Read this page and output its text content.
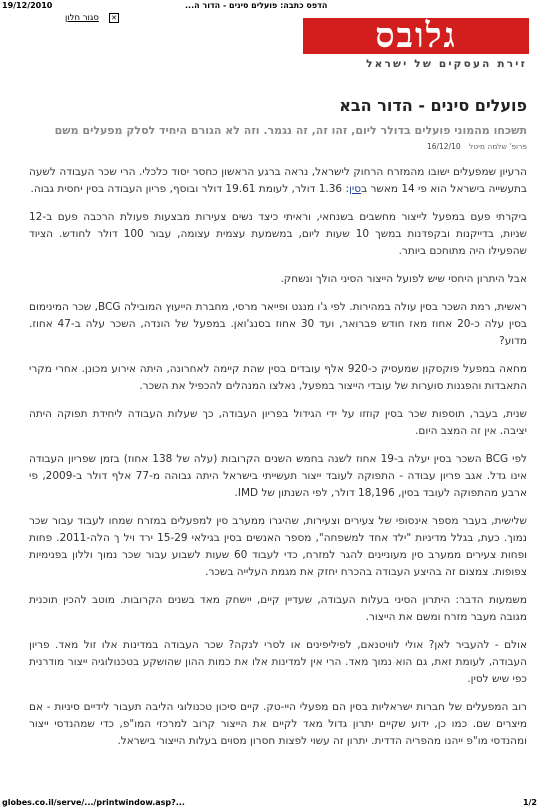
19/12/2010	הדפס כתבה: פועלים סינים - הדור ה...
✕
סגור חלון	גלובס
זירת העסקים של ישראל
פועלים סינים - הדור הבא
תשכחו מהמוני פועלים בדולר ליום, זהו זה, זה נגמר. וזה לא הגורם היחיד לסלק מפעלים משם
פרופ' שלמה מיטל 16/12/10

הרעיון שמפעלים ישובו מהמזרח הרחוק לישראל, נראה ברגע הראשון כחסר יסוד כלכלי. הרי שכר העבודה לשעה בתעשייה בישראל הוא פי 14 מאשר בסין: 1.36 דולר, לעומת 19.61 דולר ובוסף, פריון העבודה בסין יחסית גבוה.

ביקרתי פעם במפעל לייצור מחשבים בשנחאי, וראיתי כיצד נשים צעירות מבצעות פעולת הרכבה פעם ב-12 שניות, בדייקנות ובקפדנות במשך 10 שעות ליום, במשמעת עצמית עצומה, עבור 100 דולר לחודש. הציוד שהפעילו היה מתוחכם ביותר.

אבל היתרון היחסי שיש לפועל הייצור הסיני הולך ונשחק.

ראשית, רמת השכר בסין עולה במהירות. לפי ג'ו מנגט ופייאר מרסי, מחברת הייעוץ המובילה BCG, שכר המינימום בסין עלה כ-20 אחוז מאז חודש פברואר, ועד 30 אחוז בסנג'ואן. במפעל של הונדה, השכר עלה ב-47 אחוז. מדוע?

מחאה במפעל פוקסקון שמעסיק כ-920 אלף עובדים בסין שהת קיימה לאחרונה, היתה אירוע מכונן. אחרי מקרי התאבדות והפגנות סוערות של עובדי הייצור במפעל, נאלצו המנהלים להכפיל את השכר.

שנית, בעבר, תוספות שכר בסין קוזזו על ידי הגידול בפריון העבודה, כך שעלות העבודה ליחידת תפוקה היתה יציבה. אין זה המצב היום.

לפי BCG השכר בסין יעלה ב-19 אחוז לשנה בחמש השנים הקרובות (עלה של 138 אחוז) בזמן שפריון העבודה אינו גדל. אגב פריון עבודה - התפוקה לעובד ייצור תעשייתי בישראל היתה גבוהה מ-77 אלף דולר ב-2009, פי ארבע מהתפוקה לעובד בסין, 18,196 דולר, לפי השנתון של IMD.

שלישית, בעבר מספר אינסופי של צעירים וצעירות, שהיגרו ממערב סין למפעלים במזרח שמחו לעבוד עבור שכר נמוך. כעת, בגלל מדיניות "ילד אחד למשפחה", מספר האנשים בסין בגילאי 15-29 ירד ויל ך הלה-2011. פחות ופחות צעירים ממערב סין מעוניינים להגר למזרח, כדי לעבוד 60 שעות לשבוע עבור שכר נמוך וללון בפנימיות צפופות. צמצום זה בהיצע העבודה בהכרח יחזק את מגמת העלייה בשכר.

משמעות הדבר: היתרון הסיני בעלות העבודה, שעדיין קיים, יישחק מאד בשנים הקרובות. מוטב להכין תוכנית מגובה מעבר מזרח ומשם את הייצור.

אולם - להעביר לאן? אולי לוויטנאם, לפיליפינים או לסרי לנקה? שכר העבודה במדינות אלו זול מאד. פריון העבודה, לעומת זאת, גם הוא נמוך מאד. הרי אין למדינות אלו את כמות ההון שהושקע בטכנולוגיה ייצור מודרנית כפי שיש לסין.

רוב המפעלים של חברות ישראליות בסין הם מפעלי היי-טק. קיים סיכון טכנולוגי הליבה תעבור לידיים סיניות - אם מיצרים שם. כמו כן, ידוע שקיים יתרון גדול מאד לקיים את הייצור קרוב למרכזי המו"פ, כדי שמהנדסי ייצור ומהנדסי מו"פ ייהנו מהפריה הדדית. יתרון זה עשוי לפצות חסרון מסוים בעלות הייצור בישראל.

globes.co.il/serve/.../printwindow.asp?...	1/2
